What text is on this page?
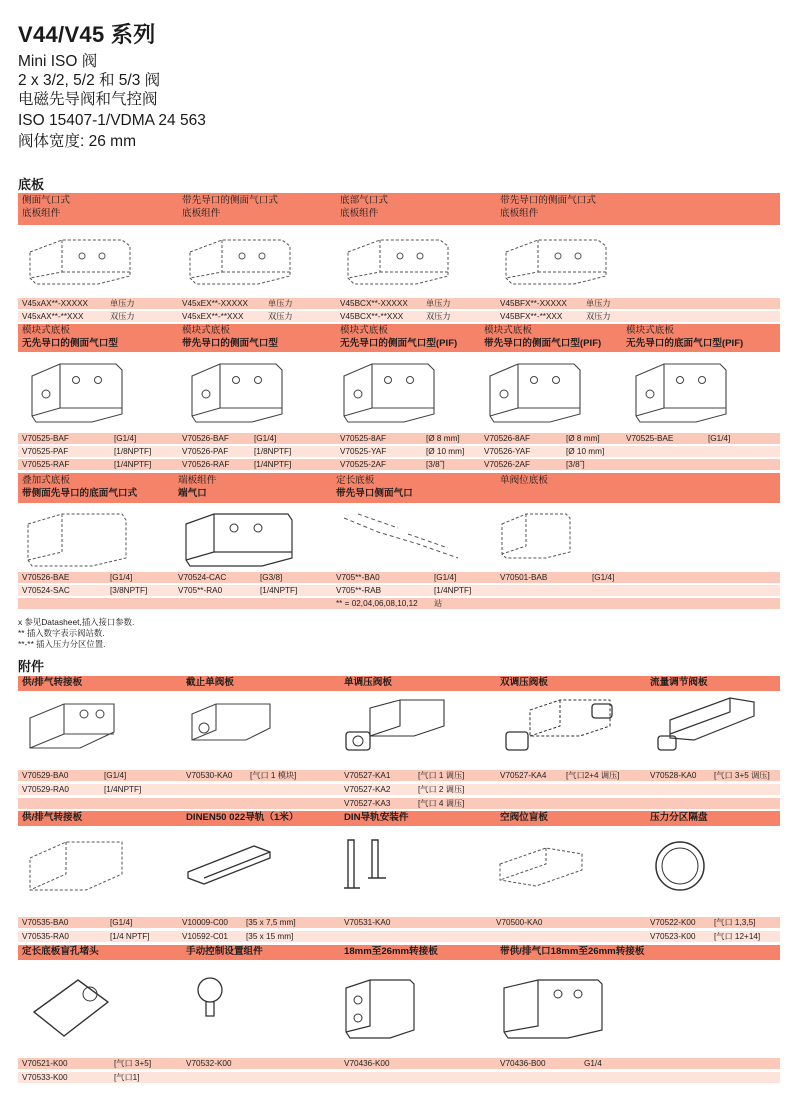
V44/V45 系列
Mini ISO 阀
2 x 3/2, 5/2 和 5/3 阀
电磁先导阀和气控阀
ISO 15407-1/VDMA 24 563
阀体宽度: 26 mm
底板
侧面气口式
底板组件
带先导口的侧面气口式
底板组件
底部气口式
底板组件
带先导口的侧面气口式
底板组件
V45xAX**-XXXXX	单压力	V45xEX**-XXXXX 单压力	V45BCX**-XXXXX 单压力	V45BFX**-XXXXX 单压力
V45xAX**-**XXX	双压力	V45xEX**-**XXX	双压力	V45BCX**-**XXX	双压力	V45BFX**-**XXX	双压力
模块式底板
无先导口的侧面气口型
模块式底板
带先导口的侧面气口型
模块式底板
无先导口的侧面气口型(PIF)
模块式底板
带先导口的侧面气口型(PIF)
模块式底板
无先导口的底面气口型(PIF)
V70525-BAF	[G1/4]	V70526-BAF	[G1/4]	V70525-8AF	[Ø 8 mm]	V70526-8AF	[Ø 8 mm]	V70525-BAE	[G1/4]
V70525-PAF	[1/8NPTF]	V70526-PAF	[1/8NPTF]	V70525-YAF	[Ø 10 mm] V70526-YAF	[Ø 10 mm]
V70525-RAF	[1/4NPTF]	V70526-RAF	[1/4NPTF]	V70525-2AF	[3/8˝]	V70526-2AF	[3/8˝]
叠加式底板
带侧面先导口的底面气口式
端板组件
端气口
定长底板
带先导口侧面气口
单阀位底板
V70526-BAE	[G1/4]	V70524-CAC	[G3/8]	V705**-BA0	[G1/4]	V70501-BAB	[G1/4]
V70524-SAC	[3/8NPTF]	V705**-RA0	[1/4NPTF]	V705**-RAB	[1/4NPTF]
** = 02,04,06,08,10,12 站
x 参见Datasheet,插入接口参数.
** 插入数字表示阀站数.
**-** 插入压力分区位置.
附件
供/排气转接板	截止单阀板	单调压阀板	双调压阀板	流量调节阀板
V70529-BA0	[G1/4]	V70530-KA0 [气口 1 模块]	V70527-KA1	[气口 1 调压]	V70527-KA4 [气口2+4 调压]	V70528-KA0 [气口 3+5 调压]
V70529-RA0	[1/4NPTF]	V70527-KA2	[气口 2 调压]
V70527-KA3	[气口 4 调压]
供/排气转接板	DINEN50 022导轨（1米）	DIN导轨安装件	空阀位盲板	压力分区隔盘
V70535-BA0	[G1/4]	V10009-C00 [35 x 7,5 mm]	V70531-KA0	V70500-KA0	V70522-K00 [气口 1,3,5]
V70535-RA0	[1/4 NPTF]	V10592-C01 [35 x 15 mm]	V70523-K00 [气口 12+14]
定长底板盲孔堵头	手动控制设置组件	18mm至26mm转接板	带供/排气口18mm至26mm转接板
V70521-K00	[气口 3+5]	V70532-K00	V70436-K00	V70436-B00	G1/4
V70533-K00	[气口1]
